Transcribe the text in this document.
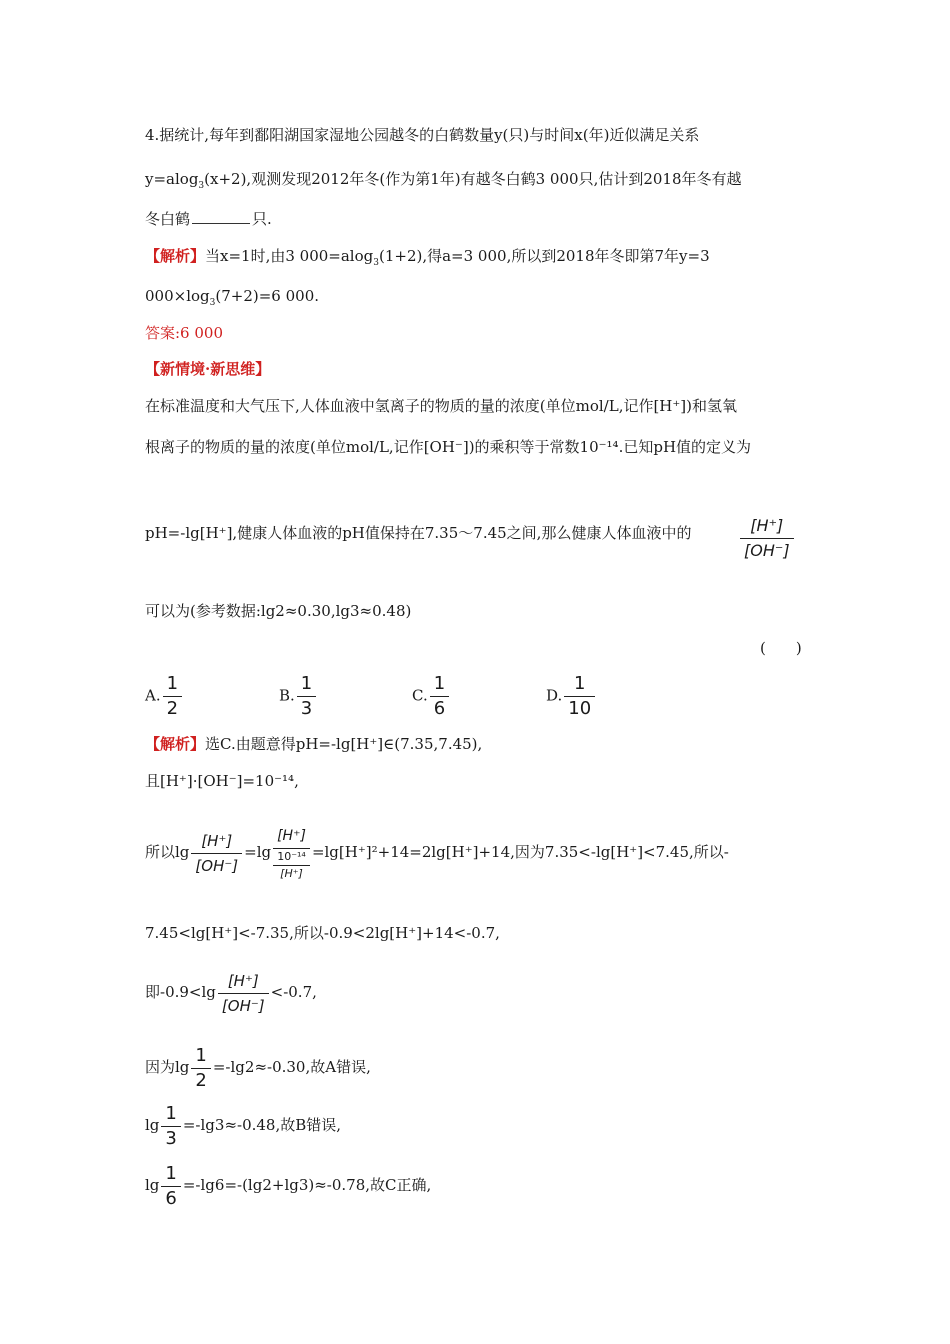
4.据统计,每年到鄱阳湖国家湿地公园越冬的白鹤数量y(只)与时间x(年)近似满足关系
y=alog$_3$(x+2),观测发现2012年冬(作为第1年)有越冬白鹤3 000只,估计到2018年冬有越
冬白鹤	只.
【解析】当x=1时,由3 000=alog$_3$(1+2),得a=3 000,所以到2018年冬即第7年y=3
$000\times\log_3(7+2)=6$ 000.
答案:6 000
【新情境·新思维】
在标准温度和大气压下,人体血液中氢离子的物质的量的浓度(单位mol/L,记作[H⁺])和氢氧
根离子的物质的量的浓度(单位mol/L,记作[OH⁻])的乘积等于常数10⁻¹⁴.已知pH值的定义为
pH=-lg[H⁺],健康人体血液的pH值保持在7.35～7.45之间,那么健康人体血液中的	$\frac{[H^+]}{[OH^-]}$
可以为(参考数据:lg2≈0.30,lg3≈0.48)
(　　)
A. $\frac{1}{2}$	B. $\frac{1}{3}$	C. $\frac{1}{6}$	D. $\frac{1}{10}$
【解析】选C.由题意得pH=-lg[H⁺]∈(7.35,7.45),
且[H⁺]·[OH⁻]=10⁻¹⁴,
所以$\lg \frac{[H^+]}{[OH^-]} =\lg \frac{[H^+]}{\frac{\text{10⁻¹⁴}}{[H^+]}} =\lg[H^+]^2+14=2\lg[H^+]+14$,因为7.35<-lg[H⁺]<7.45,所以-
7.45<lg[H⁺]<-7.35,所以-0.9<2lg[H⁺]+14<-0.7,
即$-0.9<\lg \frac{[H^+]}{[OH^-]} <-0.7$,
因为$\lg \frac{1}{2} =-\lg 2\approx-0.30$,故A错误,
$\lg \frac{1}{3} =-\lg 3\approx-0.48$,故B错误,
$\lg \frac{1}{6} =-\lg 6=-(\lg 2+\lg 3)\approx-0.78$,故C正确,
